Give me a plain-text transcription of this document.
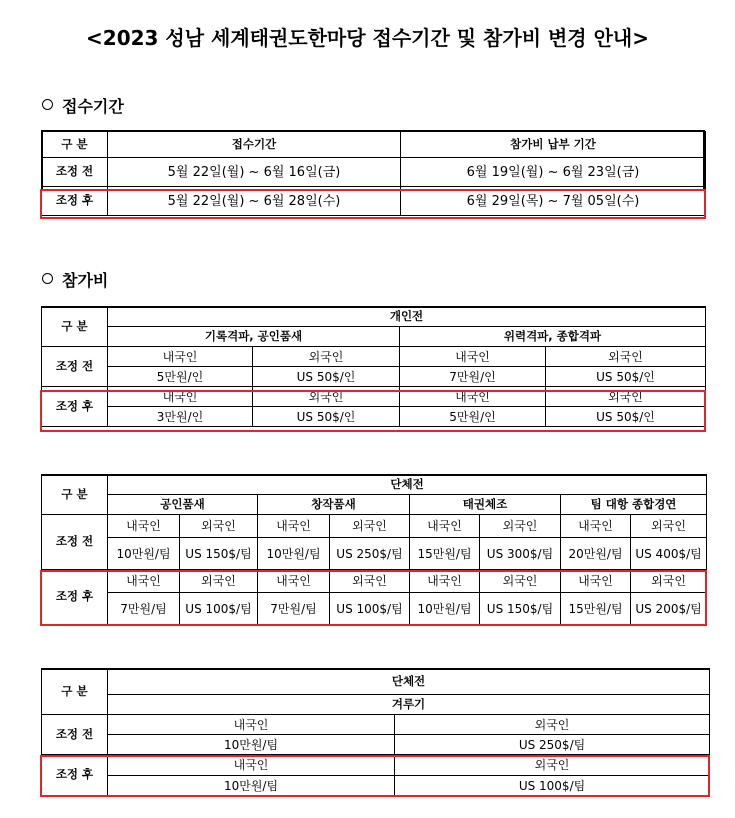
<2023 성남 세계태권도한마당 접수기간 및 참가비 변경 안내>
접수기간
구 분	접수기간	참가비 납부 기간
조정 전	5월 22일(월) ~ 6월 16일(금)	6월 19일(월) ~ 6월 23일(금)
조정 후	5월 22일(월) ~ 6월 28일(수)	6월 29일(목) ~ 7월 05일(수)
참가비
구 분	개인전			
	기록격파, 공인품새		위력격파, 종합격파	
조정 전	내국인	외국인	내국인	외국인
	5만원/인	US 50$/인	7만원/인	US 50$/인
조정 후	내국인	외국인	내국인	외국인
	3만원/인	US 50$/인	5만원/인	US 50$/인
구 분	단체전							
	공인품새		창작품새		태권체조		팀 대항 종합경연	
조정 전	내국인	외국인	내국인	외국인	내국인	외국인	내국인	외국인
	10만원/팀	US 150$/팀	10만원/팀	US 250$/팀	15만원/팀	US 300$/팀	20만원/팀	US 400$/팀
조정 후	내국인	외국인	내국인	외국인	내국인	외국인	내국인	외국인
	7만원/팀	US 100$/팀	7만원/팀	US 100$/팀	10만원/팀	US 150$/팀	15만원/팀	US 200$/팀
구 분	단체전	
	겨루기	
조정 전	내국인	외국인
	10만원/팀	US 250$/팀
조정 후	내국인	외국인
	10만원/팀	US 100$/팀
